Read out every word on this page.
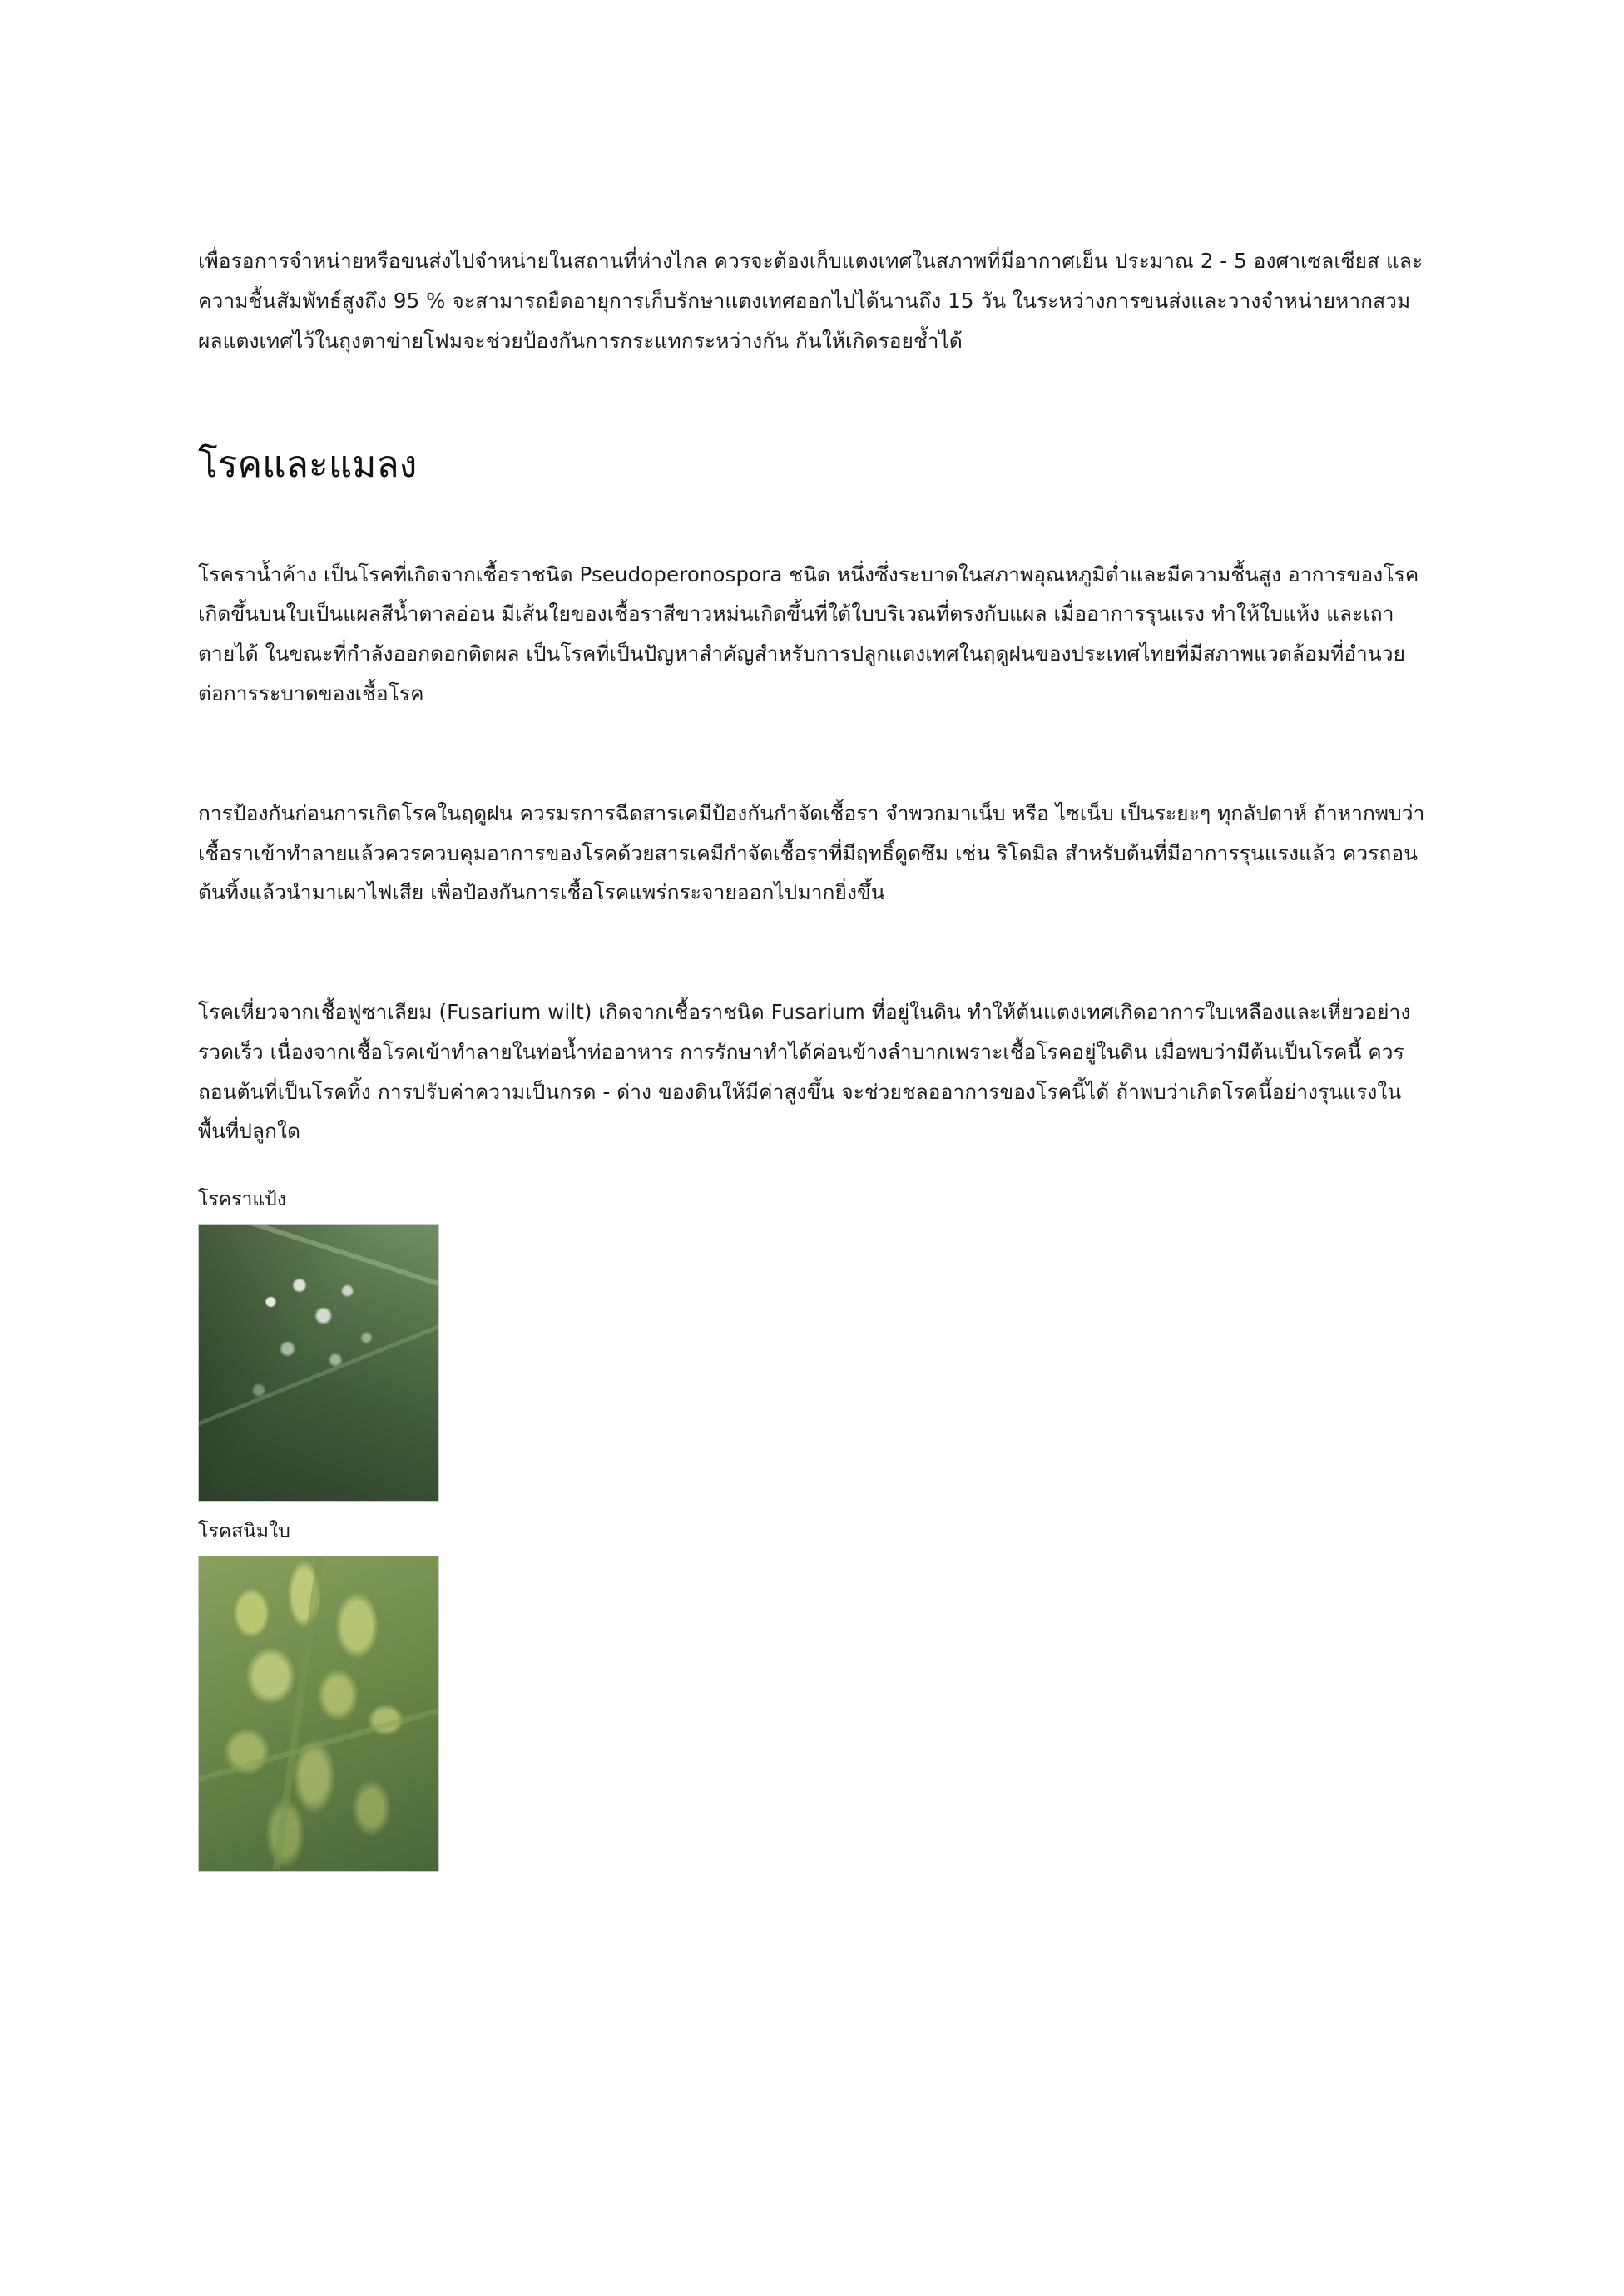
เพื่อรอการจำหน่ายหรือขนส่งไปจำหน่ายในสถานที่ห่างไกล ควรจะต้องเก็บแตงเทศในสภาพที่มีอากาศเย็น ประมาณ 2 - 5 องศาเซลเซียส และความชื้นสัมพัทธ์สูงถึง 95 % จะสามารถยืดอายุการเก็บรักษาแตงเทศออกไปได้นานถึง 15 วัน ในระหว่างการขนส่งและวางจำหน่ายหากสวมผลแตงเทศไว้ในถุงตาข่ายโฟมจะช่วยป้องกันการกระแทกระหว่างกัน กันให้เกิดรอยช้ำได้

โรคและแมลง

โรคราน้ำค้าง เป็นโรคที่เกิดจากเชื้อราชนิด Pseudoperonospora ชนิด หนึ่งซึ่งระบาดในสภาพอุณหภูมิต่ำและมีความชื้นสูง อาการของโรคเกิดขึ้นบนใบเป็นแผลสีน้ำตาลอ่อน มีเส้นใยของเชื้อราสีขาวหม่นเกิดขึ้นที่ใต้ใบบริเวณที่ตรงกับแผล เมื่ออาการรุนแรง ทำให้ใบแห้ง และเถาตายได้ ในขณะที่กำลังออกดอกติดผล เป็นโรคที่เป็นปัญหาสำคัญสำหรับการปลูกแตงเทศในฤดูฝนของประเทศไทยที่มีสภาพแวดล้อมที่อำนวยต่อการระบาดของเชื้อโรค

การป้องกันก่อนการเกิดโรคในฤดูฝน ควรมรการฉีดสารเคมีป้องกันกำจัดเชื้อรา จำพวกมาเน็บ หรือ ไซเน็บ เป็นระยะๆ ทุกลัปดาห์ ถ้าหากพบว่าเชื้อราเข้าทำลายแล้วควรควบคุมอาการของโรคด้วยสารเคมีกำจัดเชื้อราที่มีฤทธิ์ดูดซึม เช่น ริโดมิล สำหรับต้นที่มีอาการรุนแรงแล้ว ควรถอนต้นทิ้งแล้วนำมาเผาไฟเสีย เพื่อป้องกันการเชื้อโรคแพร่กระจายออกไปมากยิ่งขึ้น

โรคเหี่ยวจากเชื้อฟูซาเลียม (Fusarium wilt) เกิดจากเชื้อราชนิด Fusarium ที่อยู่ในดิน ทำให้ต้นแตงเทศเกิดอาการใบเหลืองและเหี่ยวอย่างรวดเร็ว เนื่องจากเชื้อโรคเข้าทำลายในท่อน้ำท่ออาหาร การรักษาทำได้ค่อนข้างลำบากเพราะเชื้อโรคอยู่ในดิน เมื่อพบว่ามีต้นเป็นโรคนี้ ควรถอนต้นที่เป็นโรคทิ้ง การปรับค่าความเป็นกรด - ด่าง ของดินให้มีค่าสูงขึ้น จะช่วยชลออาการของโรคนี้ได้ ถ้าพบว่าเกิดโรคนี้อย่างรุนแรงในพื้นที่ปลูกใด

โรคราแป้ง
โรคสนิมใบ
